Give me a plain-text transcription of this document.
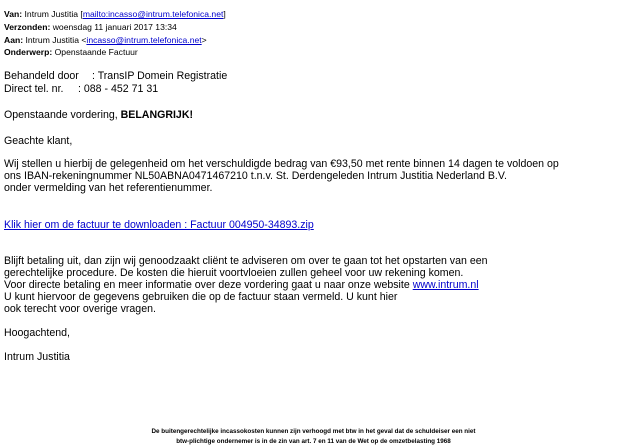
Van: Intrum Justitia [mailto:incasso@intrum.telefonica.net]
Verzonden: woensdag 11 januari 2017 13:34
Aan: Intrum Justitia <incasso@intrum.telefonica.net>
Onderwerp: Openstaande Factuur
Behandeld door : TransIP Domein Registratie
Direct tel. nr. : 088 - 452 71 31
Openstaande vordering, BELANGRIJK!
Geachte klant,
Wij stellen u hierbij de gelegenheid om het verschuldigde bedrag van €93,50 met rente binnen 14 dagen te voldoen op
ons IBAN-rekeningnummer NL50ABNA0471467210 t.n.v. St. Derdengeleden Intrum Justitia Nederland B.V.
onder vermelding van het referentienummer.
Klik hier om de factuur te downloaden : Factuur 004950-34893.zip
Blijft betaling uit, dan zijn wij genoodzaakt cliënt te adviseren om over te gaan tot het opstarten van een
gerechtelijke procedure. De kosten die hieruit voortvloeien zullen geheel voor uw rekening komen.
Voor directe betaling en meer informatie over deze vordering gaat u naar onze website www.intrum.nl
U kunt hiervoor de gegevens gebruiken die op de factuur staan vermeld. U kunt hier
ook terecht voor overige vragen.
Hoogachtend,
Intrum Justitia
De buitengerechtelijke incassokosten kunnen zijn verhoogd met btw in het geval dat de schuldeiser een niet
btw-plichtige ondernemer is in de zin van art. 7 en 11 van de Wet op de omzetbelasting 1968
